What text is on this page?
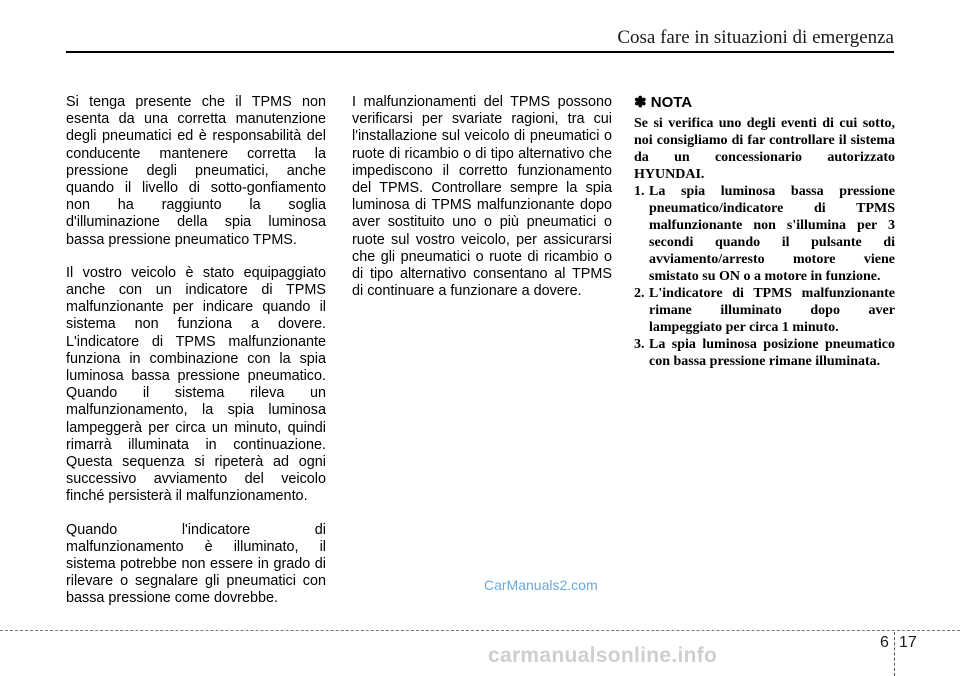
Cosa fare in situazioni di emergenza

Si tenga presente che il TPMS non esenta da una corretta manutenzione degli pneumatici ed è responsabilità del conducente mantenere corretta la pressione degli pneumatici, anche quando il livello di sotto-gonfiamento non ha raggiunto la soglia d'illuminazione della spia luminosa bassa pressione pneumatico TPMS.

Il vostro veicolo è stato equipaggiato anche con un indicatore di TPMS malfunzionante per indicare quando il sistema non funziona a dovere. L'indicatore di TPMS malfunzionante funziona in combinazione con la spia luminosa bassa pressione pneumatico. Quando il sistema rileva un malfunzionamento, la spia luminosa lampeggerà per circa un minuto, quindi rimarrà illuminata in continuazione. Questa sequenza si ripeterà ad ogni successivo avviamento del veicolo finché persisterà il malfunzionamento.

Quando l'indicatore di malfunzionamento è illuminato, il sistema potrebbe non essere in grado di rilevare o segnalare gli pneumatici con bassa pressione come dovrebbe.

I malfunzionamenti del TPMS possono verificarsi per svariate ragioni, tra cui l'installazione sul veicolo di pneumatici o ruote di ricambio o di tipo alternativo che impediscono il corretto funzionamento del TPMS. Controllare sempre la spia luminosa di TPMS malfunzionante dopo aver sostituito uno o più pneumatici o ruote sul vostro veicolo, per assicurarsi che gli pneumatici o ruote di ricambio o di tipo alternativo consentano al TPMS di continuare a funzionare a dovere.

✽ NOTA

Se si verifica uno degli eventi di cui sotto, noi consigliamo di far controllare il sistema da un concessionario autorizzato HYUNDAI.

1. La spia luminosa bassa pressione pneumatico/indicatore di TPMS malfunzionante non s'illumina per 3 secondi quando il pulsante di avviamento/arresto motore viene smistato su ON o a motore in funzione.
2. L'indicatore di TPMS malfunzionante rimane illuminato dopo aver lampeggiato per circa 1 minuto.
3. La spia luminosa posizione pneumatico con bassa pressione rimane illuminata.
CarManuals2.com
6 17
carmanualsonline.info
